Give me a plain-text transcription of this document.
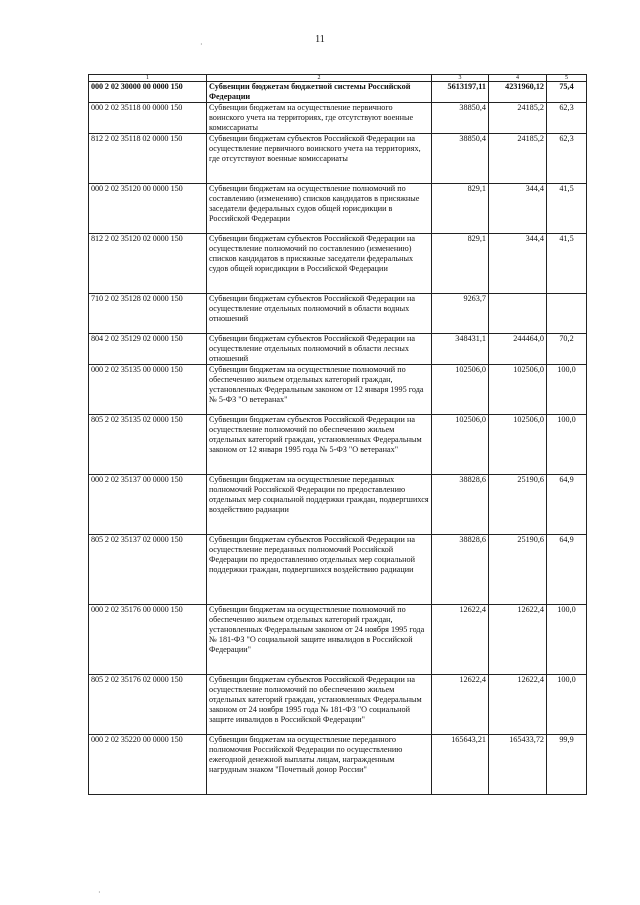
11
1	2	3	4	5
000 2 02 30000 00 0000 150	Субвенции бюджетам бюджетной системы Российской Федерации	5613197,11	4231960,12	75,4
000 2 02 35118 00 0000 150	Субвенции бюджетам на осуществление первичного воинского учета на территориях, где отсутствуют военные комиссариаты	38850,4	24185,2	62,3
812 2 02 35118 02 0000 150	Субвенции бюджетам субъектов Российской Федерации на осуществление первичного воинского учета на территориях, где отсутствуют военные комиссариаты	38850,4	24185,2	62,3
000 2 02 35120 00 0000 150	Субвенции бюджетам на осуществление полномочий по составлению (изменению) списков кандидатов в присяжные заседатели федеральных судов общей юрисдикции в Российской Федерации	829,1	344,4	41,5
812 2 02 35120 02 0000 150	Субвенции бюджетам субъектов Российской Федерации на осуществление полномочий по составлению (изменению) списков кандидатов в присяжные заседатели федеральных судов общей юрисдикции в Российской Федерации	829,1	344,4	41,5
710 2 02 35128 02 0000 150	Субвенции бюджетам субъектов Российской Федерации на осуществление отдельных полномочий в области водных отношений	9263,7		
804 2 02 35129 02 0000 150	Субвенции бюджетам субъектов Российской Федерации на осуществление отдельных полномочий в области лесных отношений	348431,1	244464,0	70,2
000 2 02 35135 00 0000 150	Субвенции бюджетам на осуществление полномочий по обеспечению жильем отдельных категорий граждан, установленных Федеральным законом от 12 января 1995 года № 5-ФЗ "О ветеранах"	102506,0	102506,0	100,0
805 2 02 35135 02 0000 150	Субвенции бюджетам субъектов Российской Федерации на осуществление полномочий по обеспечению жильем отдельных категорий граждан, установленных Федеральным законом от 12 января 1995 года № 5-ФЗ "О ветеранах"	102506,0	102506,0	100,0
000 2 02 35137 00 0000 150	Субвенции бюджетам на осуществление переданных полномочий Российской Федерации по предоставлению отдельных мер социальной поддержки граждан, подвергшихся воздействию радиации	38828,6	25190,6	64,9
805 2 02 35137 02 0000 150	Субвенции бюджетам субъектов Российской Федерации на осуществление переданных полномочий Российской Федерации по предоставлению отдельных мер социальной поддержки граждан, подвергшихся воздействию радиации	38828,6	25190,6	64,9
000 2 02 35176 00 0000 150	Субвенции бюджетам на осуществление полномочий по обеспечению жильем отдельных категорий граждан, установленных Федеральным законом от 24 ноября 1995 года № 181-ФЗ "О социальной защите инвалидов в Российской Федерации"	12622,4	12622,4	100,0
805 2 02 35176 02 0000 150	Субвенции бюджетам субъектов Российской Федерации на осуществление полномочий по обеспечению жильем отдельных категорий граждан, установленных Федеральным законом от 24 ноября 1995 года № 181-ФЗ "О социальной защите инвалидов в Российской Федерации"	12622,4	12622,4	100,0
000 2 02 35220 00 0000 150	Субвенции бюджетам на осуществление переданного полномочия Российской Федерации по осуществлению ежегодной денежной выплаты лицам, награжденным нагрудным знаком "Почетный донор России"	165643,21	165433,72	99,9
·
·
